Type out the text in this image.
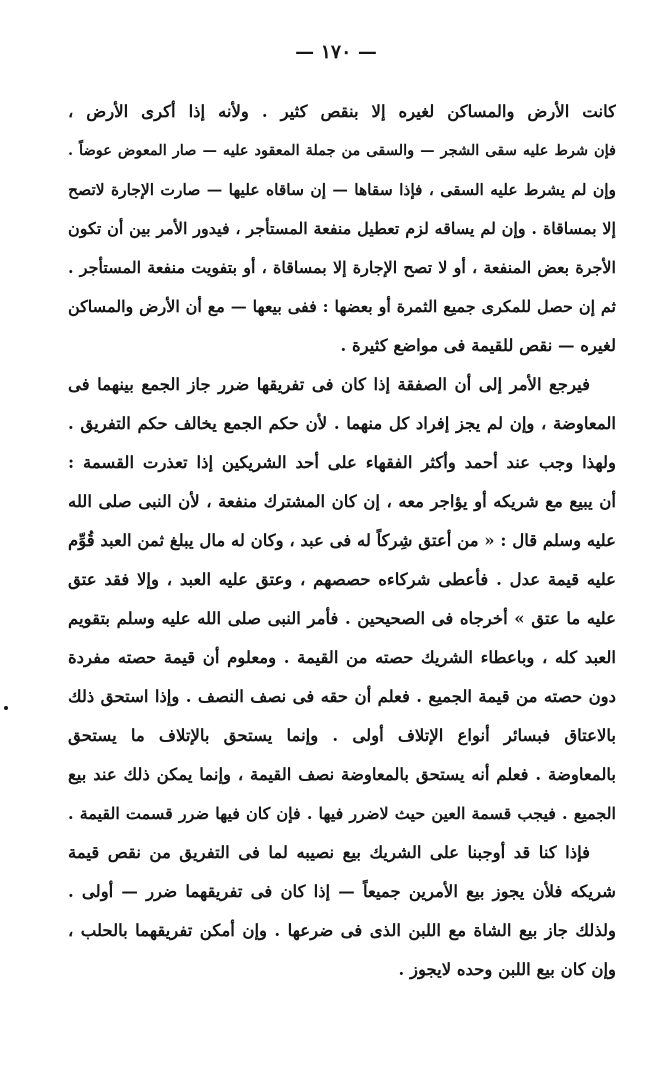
— ١٧٠ —
كانت الأرض والمساكن لغيره إلا بنقص كثير . ولأنه إذا أكرى الأرض ،
فإن شرط عليه سقى الشجر — والسقى من جملة المعقود عليه — صار المعوض عوضاً .
وإن لم يشرط عليه السقى ، فإذا سقاها — إن ساقاه عليها — صارت الإجارة لاتصح
إلا بمساقاة . وإن لم يساقه لزم تعطيل منفعة المستأجر ، فيدور الأمر بين أن تكون
الأجرة بعض المنفعة ، أو لا تصح الإجارة إلا بمساقاة ، أو بتفويت منفعة المستأجر .
ثم إن حصل للمكرى جميع الثمرة أو بعضها : ففى بيعها — مع أن الأرض والمساكن
لغيره — نقص للقيمة فى مواضع كثيرة .
فيرجع الأمر إلى أن الصفقة إذا كان فى تفريقها ضرر جاز الجمع بينهما فى
المعاوضة ، وإن لم يجز إفراد كل منهما . لأن حكم الجمع يخالف حكم التفريق .
ولهذا وجب عند أحمد وأكثر الفقهاء على أحد الشريكين إذا تعذرت القسمة :
أن يبيع مع شريكه أو يؤاجر معه ، إن كان المشترك منفعة ، لأن النبى صلى الله
عليه وسلم قال : « من أعتق شِركاً له فى عبد ، وكان له مال يبلغ ثمن العبد قُوِّم
عليه قيمة عدل . فأعطى شركاءه حصصهم ، وعتق عليه العبد ، وإلا فقد عتق
عليه ما عتق » أخرجاه فى الصحيحين . فأمر النبى صلى الله عليه وسلم بتقويم
العبد كله ، وباعطاء الشريك حصته من القيمة . ومعلوم أن قيمة حصته مفردة
دون حصته من قيمة الجميع . فعلم أن حقه فى نصف النصف . وإذا استحق ذلك
بالاعتاق فبسائر أنواع الإتلاف أولى . وإنما يستحق بالإتلاف ما يستحق
بالمعاوضة . فعلم أنه يستحق بالمعاوضة نصف القيمة ، وإنما يمكن ذلك عند بيع
الجميع . فيجب قسمة العين حيث لاضرر فيها . فإن كان فيها ضرر قسمت القيمة .
فإذا كنا قد أوجبنا على الشريك بيع نصيبه لما فى التفريق من نقص قيمة
شريكه فلأن يجوز بيع الأمرين جميعاً — إذا كان فى تفريقهما ضرر — أولى .
ولذلك جاز بيع الشاة مع اللبن الذى فى ضرعها . وإن أمكن تفريقهما بالحلب ،
وإن كان بيع اللبن وحده لايجوز .
